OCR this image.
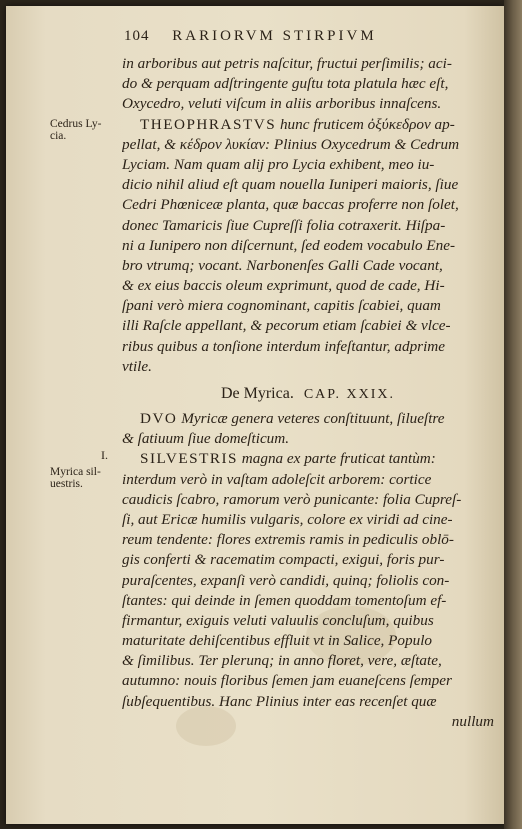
104 RARIORVM STIRPIVM
Cedrus Ly-
cia.
I.
Myrica sil-
uestris.
in arboribus aut petris naſcitur, fructui perſimilis; aci-
do & perquam adſtringente guſtu tota platula hæc eſt,
Oxycedro, veluti viſcum in aliis arboribus innaſcens.
THEOPHRASTVS hunc fruticem ὀξύκεδρον ap-
pellat, & κέδρον λυκίαν: Plinius Oxycedrum & Cedrum
Lyciam. Nam quam alij pro Lycia exhibent, meo iu-
dicio nihil aliud eſt quam nouella Iuniperi maioris, ſiue
Cedri Phœniceæ planta, quæ baccas proferre non ſolet,
donec Tamaricis ſiue Cupreſſi folia cotraxerit. Hiſpa-
ni a Iunipero non diſcernunt, ſed eodem vocabulo Ene-
bro vtrumq; vocant. Narbonenſes Galli Cade vocant,
& ex eius baccis oleum exprimunt, quod de cade, Hi-
ſpani verò miera cognominant, capitis ſcabiei, quam
illi Raſcle appellant, & pecorum etiam ſcabiei & vlce-
ribus quibus a tonſione interdum infeſtantur, adprime
vtile.
De Myrica. CAP. XXIX.
DVO Myricæ genera veteres conſtituunt, ſilueſtre
& ſatiuum ſiue domeſticum.
SILVESTRIS magna ex parte fruticat tantùm:
interdum verò in vaſtam adoleſcit arborem: cortice
caudicis ſcabro, ramorum verò punicante: folia Cupreſ-
ſi, aut Ericæ humilis vulgaris, colore ex viridi ad cine-
reum tendente: flores extremis ramis in pediculis oblō-
gis conferti & racematim compacti, exigui, foris pur-
puraſcentes, expanſi verò candidi, quinq; foliolis con-
ſtantes: qui deinde in ſemen quoddam tomentoſum ef-
firmantur, exiguis veluti valuulis concluſum, quibus
maturitate dehiſcentibus effluit vt in Salice, Populo
& ſimilibus. Ter plerunq; in anno floret, vere, æſtate,
autumno: nouis floribus ſemen jam euaneſcens ſemper
ſubſequentibus. Hanc Plinius inter eas recenſet quæ
nullum
